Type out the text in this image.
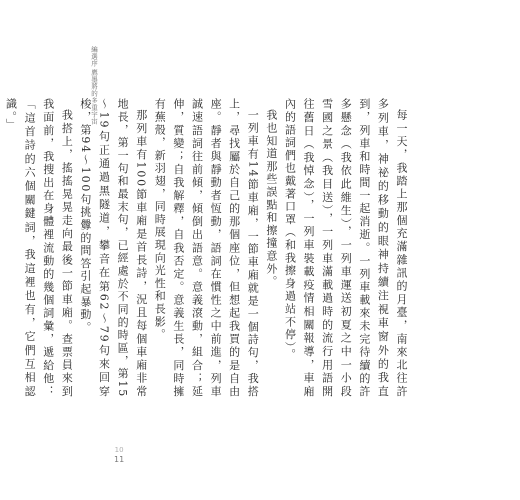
編選序
鷹墨將的多重宇宙

每一天，我踏上那個充滿雜訊的月臺，南來北往許多列車，神祕的移動的眼神持續注視車窗外的我直到，列車和時間一起消逝。一列車載來未完待續的許多懸念（我依此維生），一列車運送初夏之中一小段雪國之景（我目送），一列車滿載過時的流行用語開往舊日（我悼念），一列車裝載疫情相關報導，車廂內的語詞們也戴著口罩（和我擦身過站不停）。

我也知道那些誤點和擦撞意外。

一列車有14節車廂，一節車廂就是一個詩句，我搭上，尋找屬於自己的那個座位，但想起我買的是自由座。靜者與靜動者恆動，語詞在慣性之中前進，列車誠速語詞往前傾，傾倒出語意。意義滾動，組合；延伸，質變；自我解釋，自我否定。意義生長，同時擁有蕪殼，新羽翅，同時展現向光性和長影。

那列車有100節車廂是首長詩，況且每個車廂非常地長，第一句和最末句，已經處於不同的時區，第15～19句正通過黑隧道，攀音在第62～79句來回穿梭，第94～100句挑釁的問答引起暴動。

我搭上，搖搖晃晃走向最後一節車廂。查票員來到我面前，我搜出在身體裡流動的幾個詞彙，遞給他：「這首詩的六個關鍵詞，我這裡也有，它們互相認識。」

10
11
